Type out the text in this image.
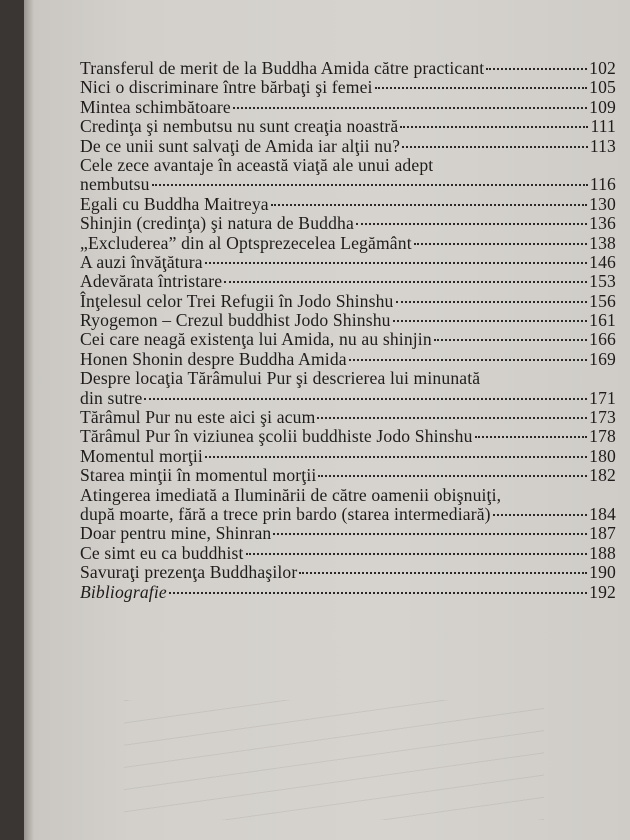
Transferul de merit de la Buddha Amida către practicant	102
Nici o discriminare între bărbaţi şi femei	105
Mintea schimbătoare	109
Credinţa şi nembutsu nu sunt creaţia noastră	111
De ce unii sunt salvaţi de Amida iar alţii nu?	113
Cele zece avantaje în această viaţă ale unui adept
nembutsu	116
Egali cu Buddha Maitreya	130
Shinjin (credinţa) şi natura de Buddha	136
„Excluderea” din al Optsprezecelea Legământ	138
A auzi învăţătura	146
Adevărata întristare	153
Înţelesul celor Trei Refugii în Jodo Shinshu	156
Ryogemon – Crezul buddhist Jodo Shinshu	161
Cei care neagă existenţa lui Amida, nu au shinjin	166
Honen Shonin despre Buddha Amida	169
Despre locaţia Tărâmului Pur şi descrierea lui minunată
din sutre	171
Tărâmul Pur nu este aici şi acum	173
Tărâmul Pur în viziunea şcolii buddhiste Jodo Shinshu	178
Momentul morţii	180
Starea minţii în momentul morţii	182
Atingerea imediată a Iluminării de către oamenii obişnuiţi,
după moarte, fără a trece prin bardo (starea intermediară)	184
Doar pentru mine, Shinran	187
Ce simt eu ca buddhist	188
Savuraţi prezenţa Buddhaşilor	190
Bibliografie	192
